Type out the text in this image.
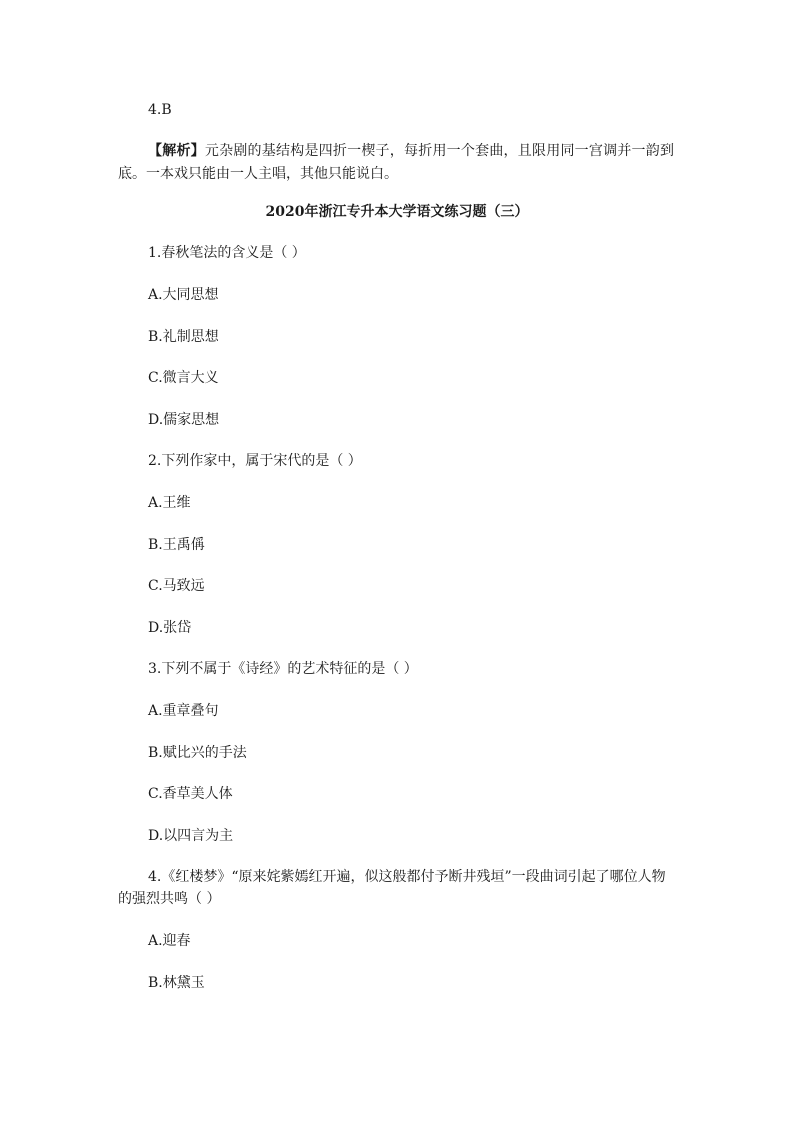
4.B
【解析】元杂剧的基结构是四折一楔子，每折用一个套曲，且限用同一宫调并一韵到底。一本戏只能由一人主唱，其他只能说白。
2020年浙江专升本大学语文练习题（三）
1.春秋笔法的含义是（ ）
A.大同思想
B.礼制思想
C.微言大义
D.儒家思想
2.下列作家中，属于宋代的是（ ）
A.王维
B.王禹偁
C.马致远
D.张岱
3.下列不属于《诗经》的艺术特征的是（ ）
A.重章叠句
B.赋比兴的手法
C.香草美人体
D.以四言为主
4.《红楼梦》“原来姹紫嫣红开遍，似这般都付予断井残垣”一段曲词引起了哪位人物的强烈共鸣（ ）
A.迎春
B.林黛玉
